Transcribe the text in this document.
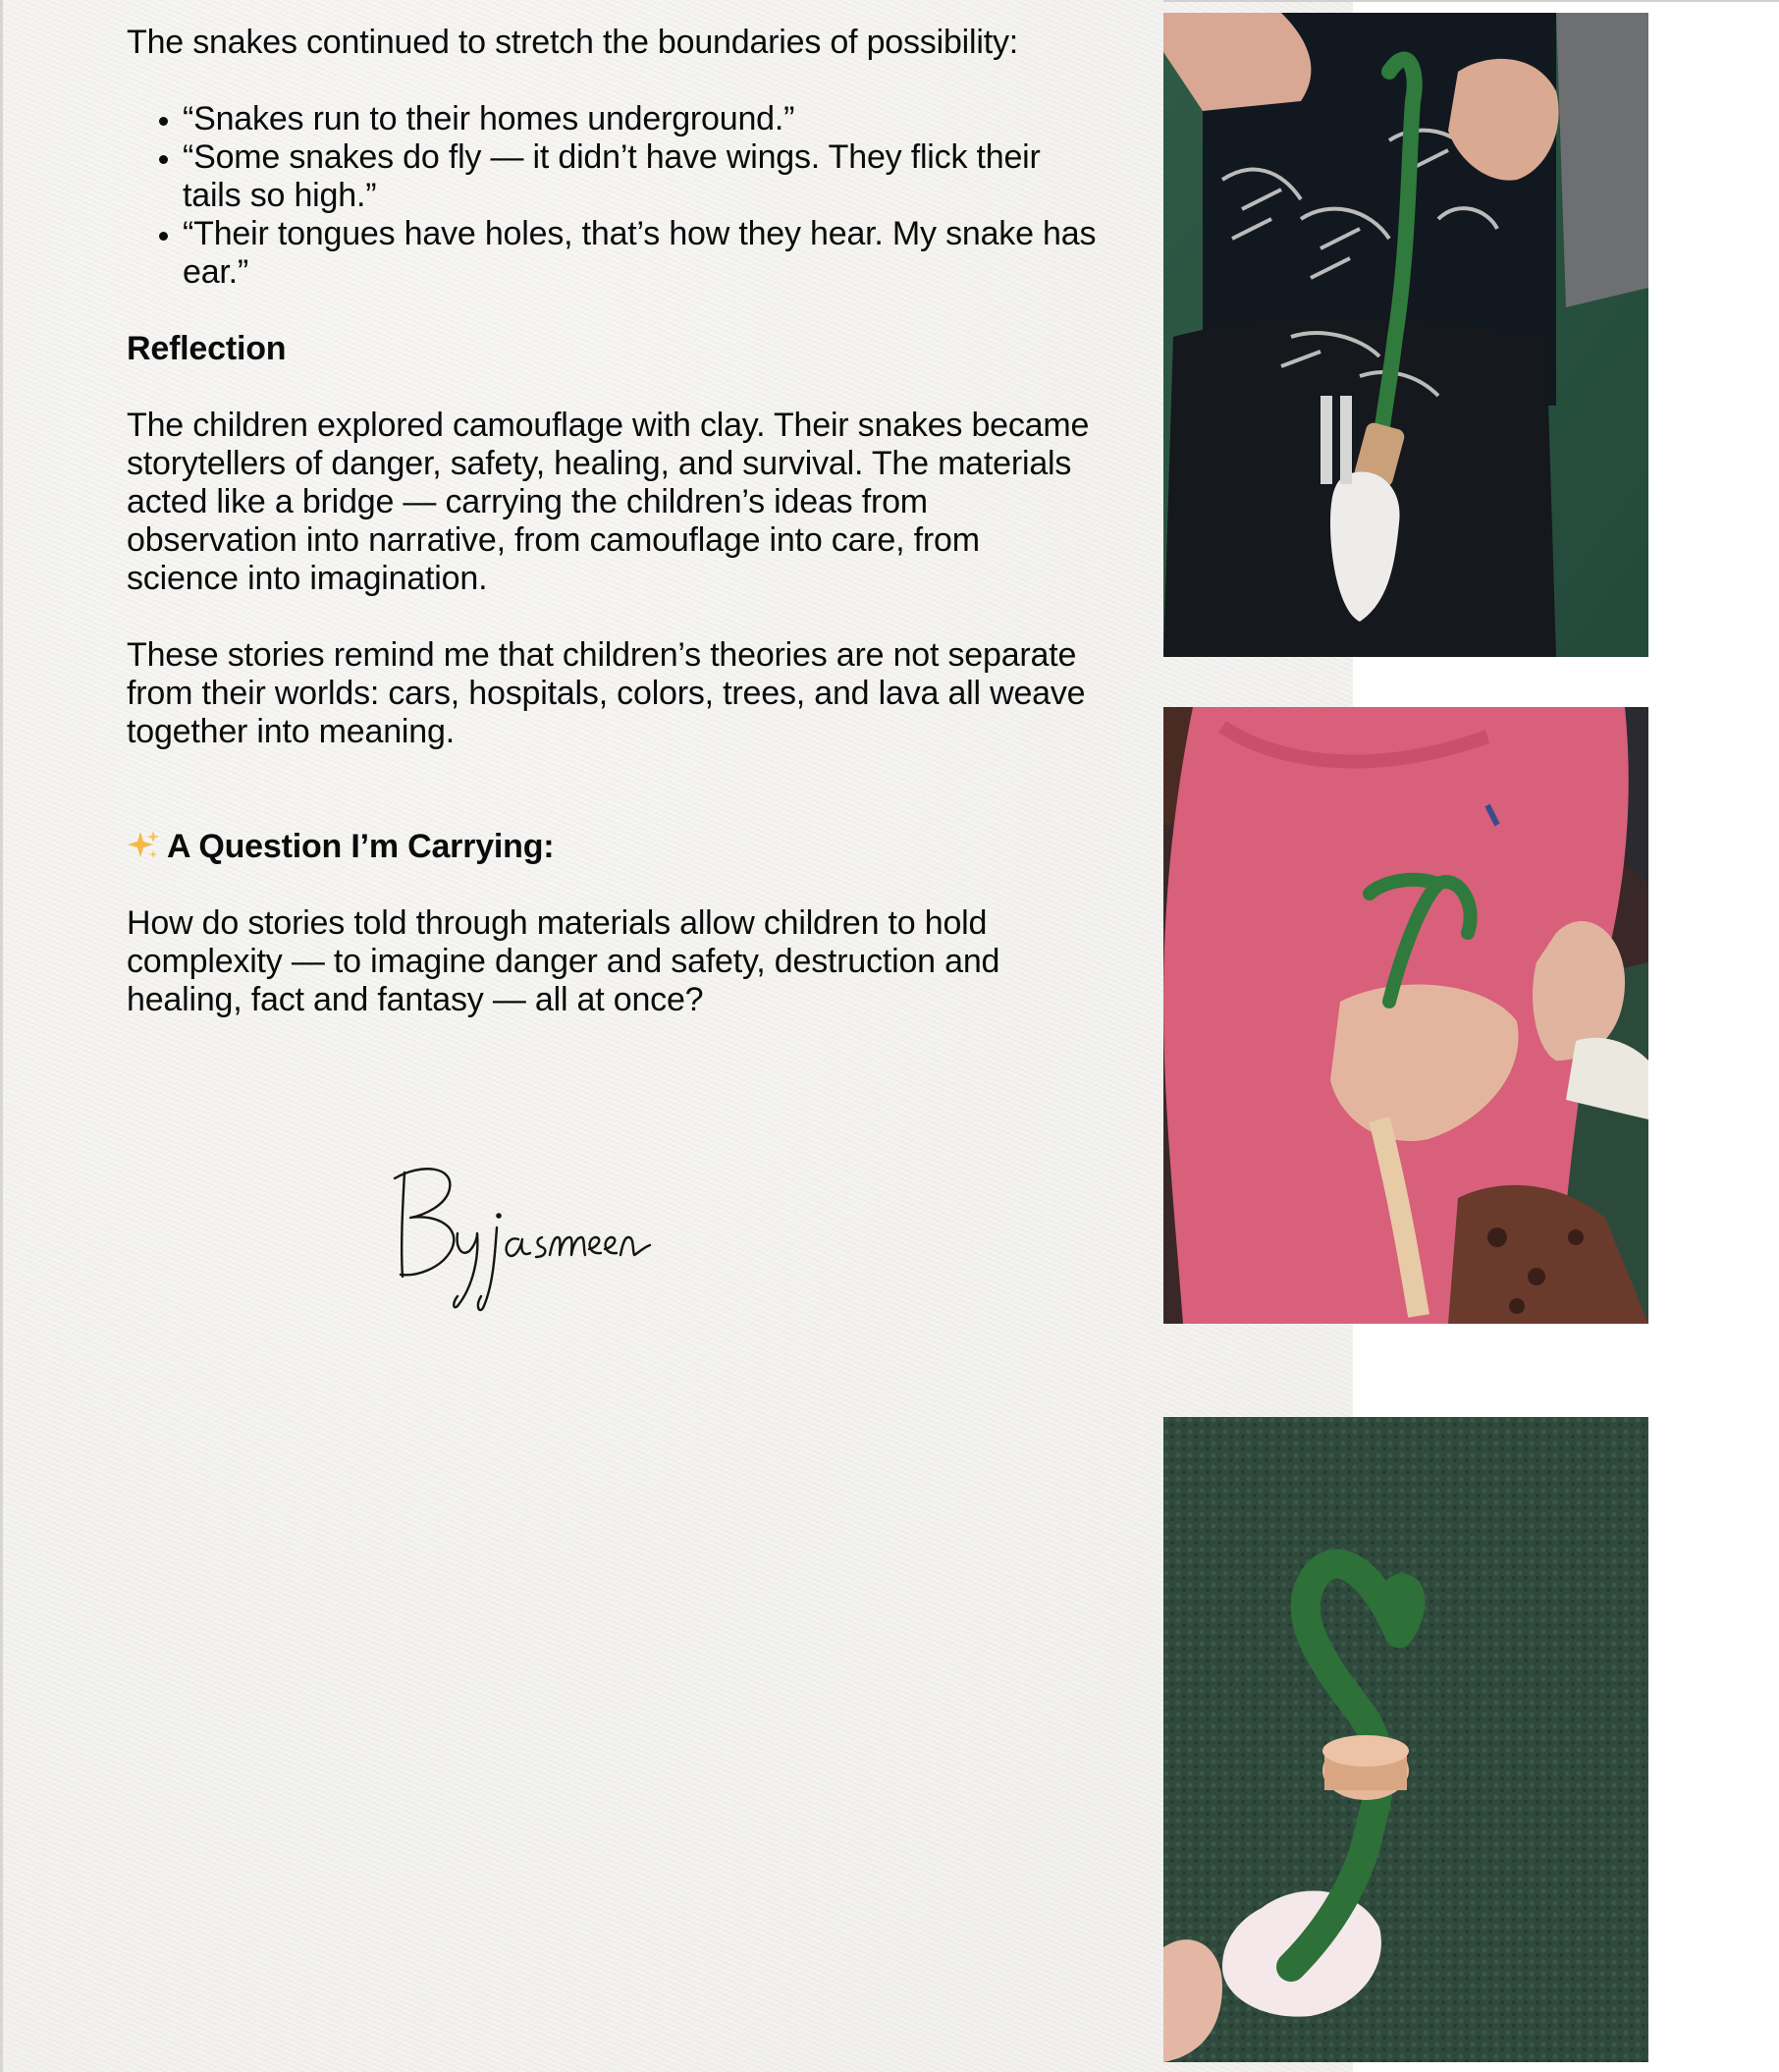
The snakes continued to stretch the boundaries of possibility:

• “Snakes run to their homes underground.”
• “Some snakes do fly — it didn’t have wings. They flick their tails so high.”
• “Their tongues have holes, that’s how they hear. My snake has ear.”

Reflection

The children explored camouflage with clay. Their snakes became storytellers of danger, safety, healing, and survival. The materials acted like a bridge — carrying the children’s ideas from observation into narrative, from camouflage into care, from science into imagination.

These stories remind me that children’s theories are not separate from their worlds: cars, hospitals, colors, trees, and lava all weave together into meaning.

A Question I’m Carrying:

How do stories told through materials allow children to hold complexity — to imagine danger and safety, destruction and healing, fact and fantasy — all at once?
